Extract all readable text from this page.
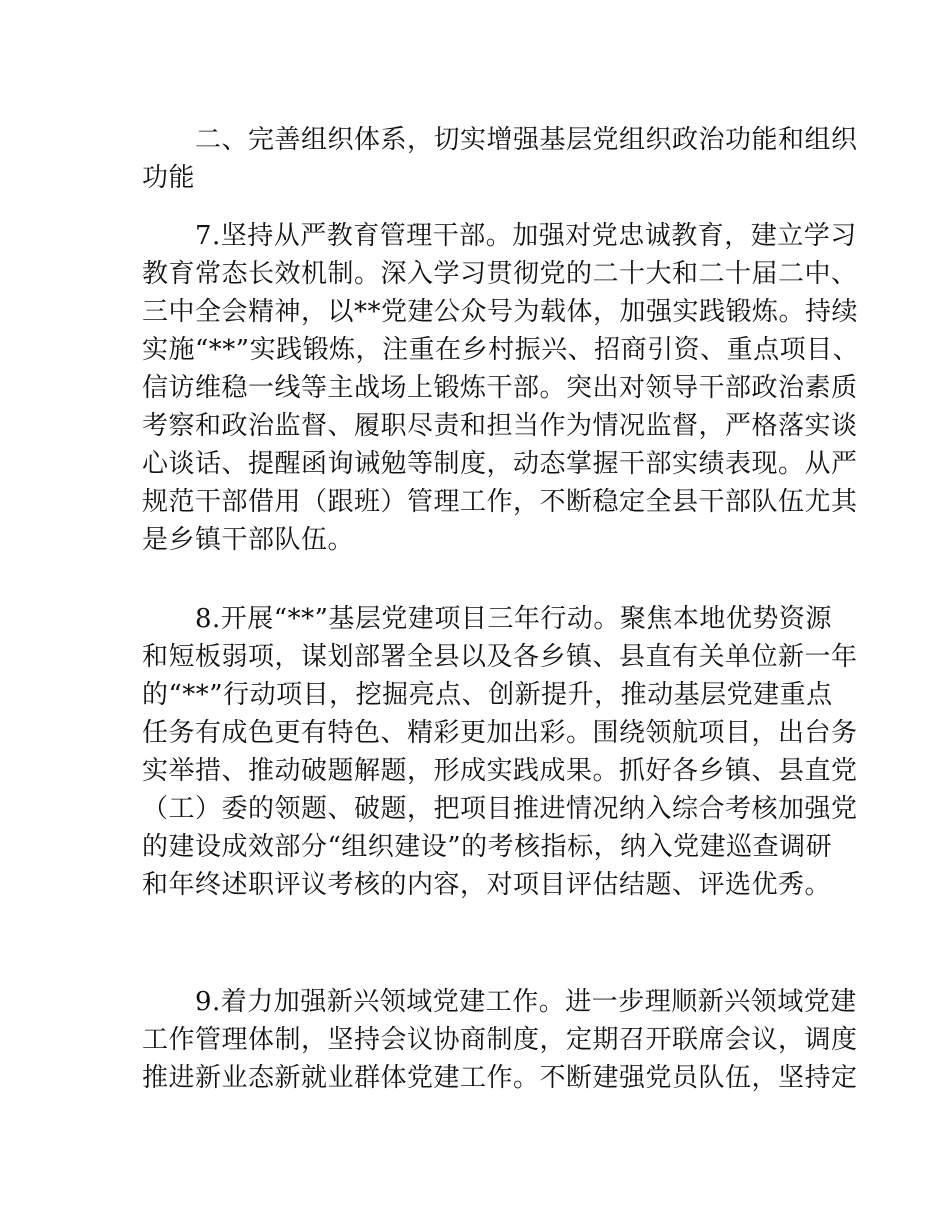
二、完善组织体系，切实增强基层党组织政治功能和组织
功能
7.坚持从严教育管理干部。加强对党忠诚教育，建立学习
教育常态长效机制。深入学习贯彻党的二十大和二十届二中、
三中全会精神，以**党建公众号为载体，加强实践锻炼。持续
实施“**”实践锻炼，注重在乡村振兴、招商引资、重点项目、
信访维稳一线等主战场上锻炼干部。突出对领导干部政治素质
考察和政治监督、履职尽责和担当作为情况监督，严格落实谈
心谈话、提醒函询诫勉等制度，动态掌握干部实绩表现。从严
规范干部借用（跟班）管理工作，不断稳定全县干部队伍尤其
是乡镇干部队伍。
8.开展“**”基层党建项目三年行动。聚焦本地优势资源
和短板弱项，谋划部署全县以及各乡镇、县直有关单位新一年
的“**”行动项目，挖掘亮点、创新提升，推动基层党建重点
任务有成色更有特色、精彩更加出彩。围绕领航项目，出台务
实举措、推动破题解题，形成实践成果。抓好各乡镇、县直党
（工）委的领题、破题，把项目推进情况纳入综合考核加强党
的建设成效部分“组织建设”的考核指标，纳入党建巡查调研
和年终述职评议考核的内容，对项目评估结题、评选优秀。
9.着力加强新兴领域党建工作。进一步理顺新兴领域党建
工作管理体制，坚持会议协商制度，定期召开联席会议，调度
推进新业态新就业群体党建工作。不断建强党员队伍，坚持定
